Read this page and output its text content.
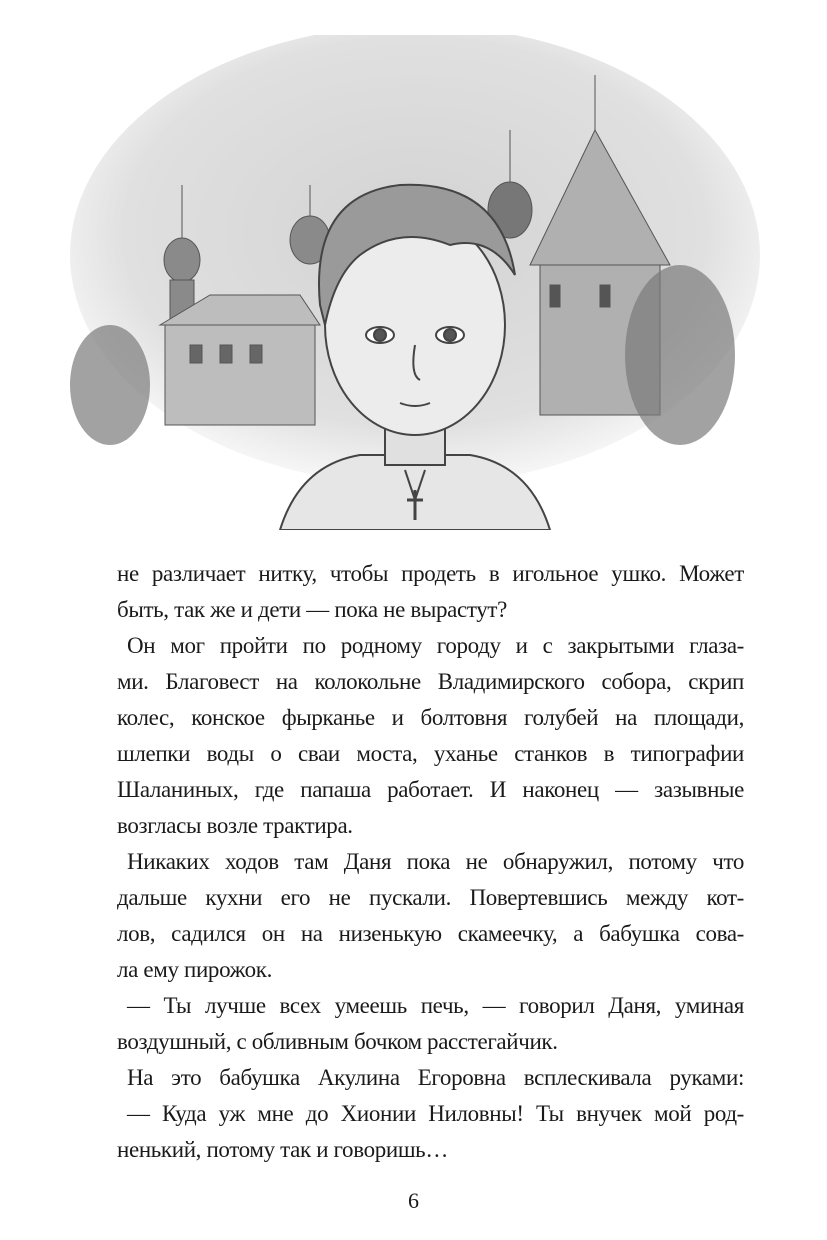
не различает нитку, чтобы продеть в игольное ушко. Может
быть, так же и дети — пока не вырастут?
Он мог пройти по родному городу и с закрытыми глаза-
ми. Благовест на колокольне Владимирского собора, скрип
колес, конское фырканье и болтовня голубей на площади,
шлепки воды о сваи моста, уханье станков в типографии
Шаланиных, где папаша работает. И наконец — зазывные
возгласы возле трактира.
Никаких ходов там Даня пока не обнаружил, потому что
дальше кухни его не пускали. Повертевшись между кот-
лов, садился он на низенькую скамеечку, а бабушка сова-
ла ему пирожок.
— Ты лучше всех умеешь печь, — говорил Даня, уминая
воздушный, с обливным бочком расстегайчик.
На это бабушка Акулина Егоровна всплескивала руками:
— Куда уж мне до Хионии Ниловны! Ты внучек мой род-
ненький, потому так и говоришь…
6
